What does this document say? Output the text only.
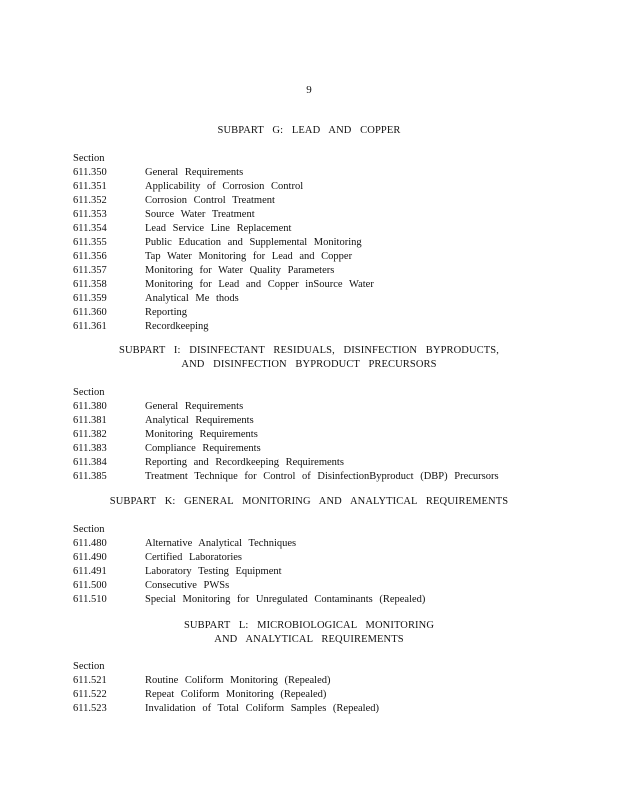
9
SUBPART G: LEAD AND COPPER
Section
611.350	General Requirements
611.351	Applicability of Corrosion Control
611.352	Corrosion Control Treatment
611.353	Source Water Treatment
611.354	Lead Service Line Replacement
611.355	Public Education and Supplemental Monitoring
611.356	Tap Water Monitoring for Lead and Copper
611.357	Monitoring for Water Quality Parameters
611.358	Monitoring for Lead and Copper inSource Water
611.359	Analytical Me thods
611.360	Reporting
611.361	Recordkeeping
SUBPART I: DISINFECTANT RESIDUALS, DISINFECTION BYPRODUCTS,
AND DISINFECTION BYPRODUCT PRECURSORS
Section
611.380	General Requirements
611.381	Analytical Requirements
611.382	Monitoring Requirements
611.383	Compliance Requirements
611.384	Reporting and Recordkeeping Requirements
611.385	Treatment Technique for Control of DisinfectionByproduct (DBP) Precursors
SUBPART K: GENERAL MONITORING AND ANALYTICAL REQUIREMENTS
Section
611.480	Alternative Analytical Techniques
611.490	Certified Laboratories
611.491	Laboratory Testing Equipment
611.500	Consecutive PWSs
611.510	Special Monitoring for Unregulated Contaminants (Repealed)
SUBPART L: MICROBIOLOGICAL MONITORING
AND ANALYTICAL REQUIREMENTS
Section
611.521	Routine Coliform Monitoring (Repealed)
611.522	Repeat Coliform Monitoring (Repealed)
611.523	Invalidation of Total Coliform Samples (Repealed)
